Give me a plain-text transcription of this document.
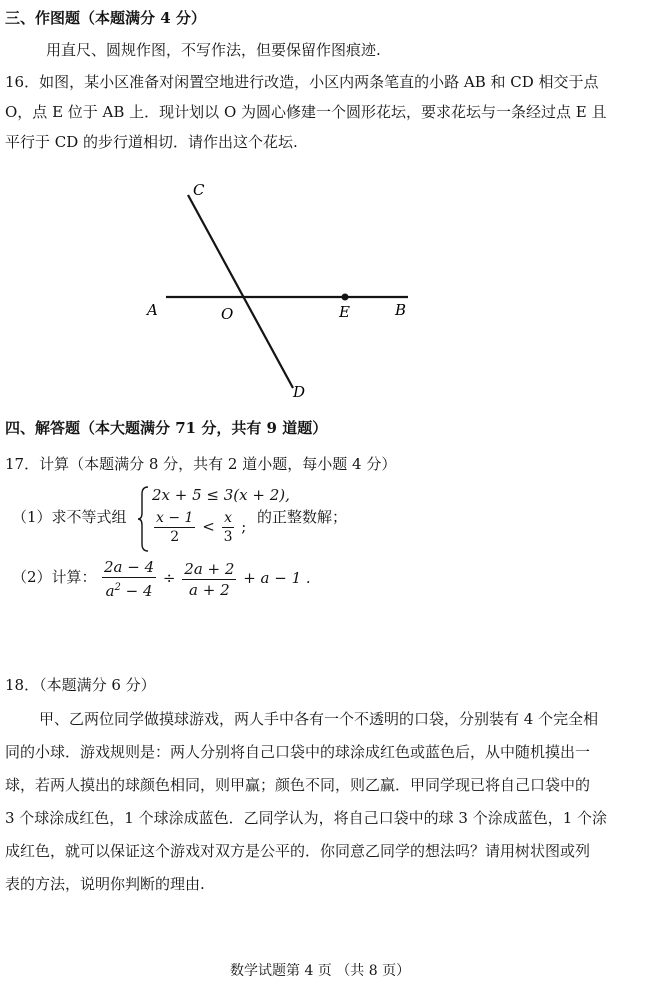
三、作图题（本题满分 4 分）
用直尺、圆规作图，不写作法，但要保留作图痕迹.
16．如图，某小区准备对闲置空地进行改造，小区内两条笔直的小路 AB 和 CD 相交于点
O，点 E 位于 AB 上．现计划以 O 为圆心修建一个圆形花坛，要求花坛与一条经过点 E 且
平行于 CD 的步行道相切．请作出这个花坛.
C
A	O	E	B
D
四、解答题（本大题满分 71 分，共有 9 道题）
17．计算（本题满分 8 分，共有 2 道小题，每小题 4 分）
（1）求不等式组
2x + 5 ≤ 3(x + 2),
$\frac{x - 1}{2} < \frac{x}{3}$ ;
的正整数解；
（2）计算： $\frac{2a - 4}{a^2 - 4} \div \frac{2a + 2}{a + 2} + a - 1$ .
18．（本题满分 6 分）
甲、乙两位同学做摸球游戏，两人手中各有一个不透明的口袋，分别装有 4 个完全相
同的小球．游戏规则是：两人分别将自己口袋中的球涂成红色或蓝色后，从中随机摸出一
球，若两人摸出的球颜色相同，则甲赢；颜色不同，则乙赢．甲同学现已将自己口袋中的
3 个球涂成红色，1 个球涂成蓝色．乙同学认为，将自己口袋中的球 3 个涂成蓝色，1 个涂
成红色，就可以保证这个游戏对双方是公平的．你同意乙同学的想法吗？请用树状图或列
表的方法，说明你判断的理由.
数学试题第 4 页 （共 8 页）
